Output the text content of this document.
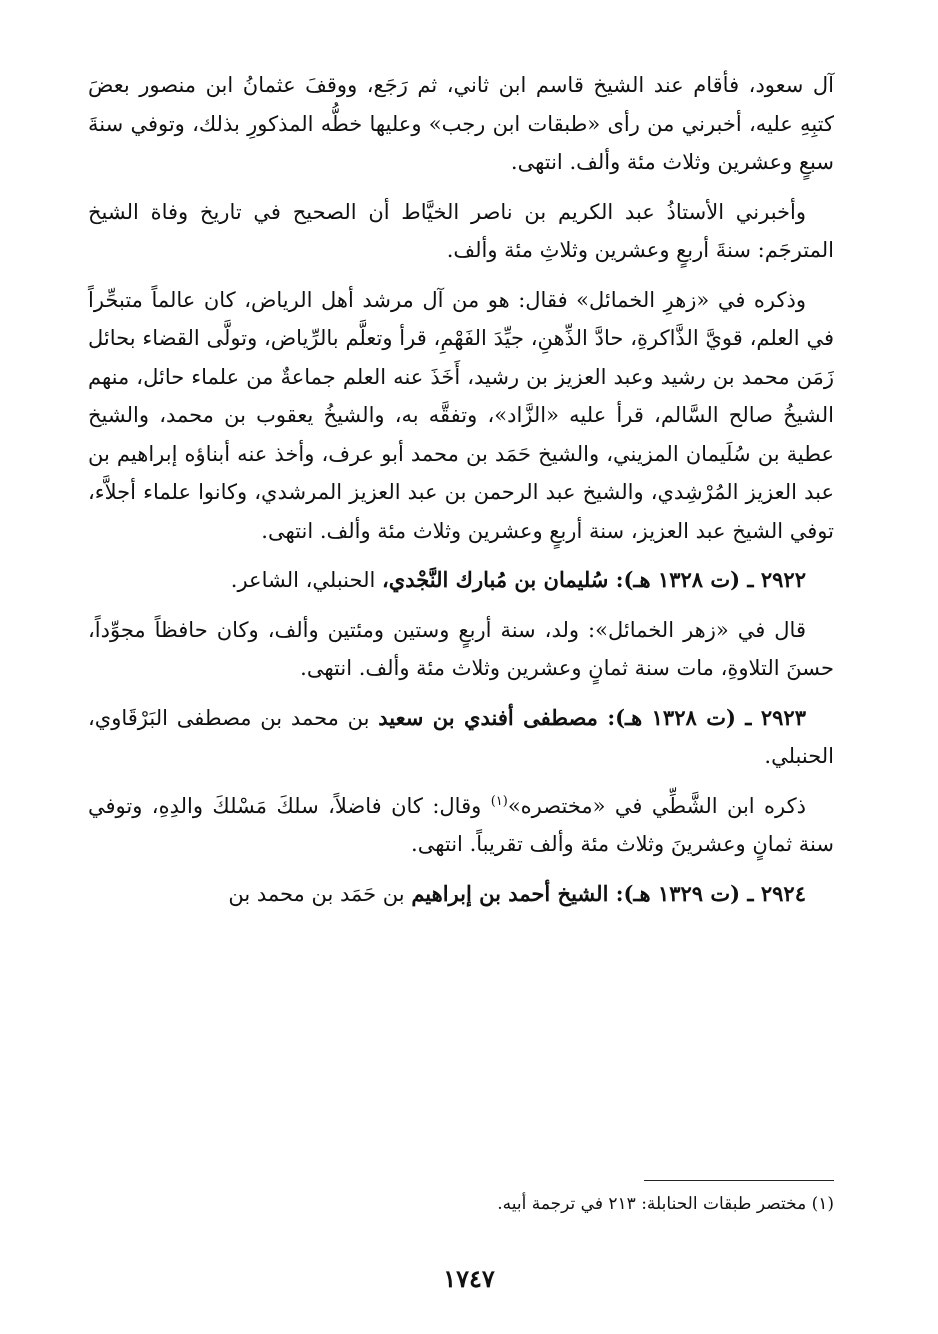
آل سعود، فأقام عند الشيخ قاسم ابن ثاني، ثم رَجَع، ووقفَ عثمانُ ابن منصور بعضَ كتبِهِ عليه، أخبرني من رأى «طبقات ابن رجب» وعليها خطُّه المذكورِ بذلك، وتوفي سنةَ سبعٍ وعشرين وثلاث مئة وألف. انتهى.

وأخبرني الأستاذُ عبد الكريم بن ناصر الخيَّاط أن الصحيح في تاريخ وفاة الشيخ المترجَم: سنةَ أربعٍ وعشرين وثلاثِ مئة وألف.

وذكره في «زهرِ الخمائل» فقال: هو من آل مرشد أهل الرياض، كان عالماً متبحِّراً في العلم، قويَّ الذَّاكرةِ، حادَّ الذِّهنِ، جيِّدَ الفَهْمِ، قرأ وتعلَّم بالرِّياض، وتولَّى القضاء بحائل زَمَن محمد بن رشيد وعبد العزيز بن رشيد، أَخَذَ عنه العلم جماعةٌ من علماء حائل، منهم الشيخُ صالح السَّالم، قرأ عليه «الزَّاد»، وتفقَّه به، والشيخُ يعقوب بن محمد، والشيخ عطية بن سُلَيمان المزيني، والشيخ حَمَد بن محمد أبو عرف، وأخذ عنه أبناؤه إبراهيم بن عبد العزيز المُرْشِدي، والشيخ عبد الرحمن بن عبد العزيز المرشدي، وكانوا علماء أجلاَّء، توفي الشيخ عبد العزيز، سنة أربعٍ وعشرين وثلاث مئة وألف. انتهى.

٢٩٢٢ ـ (ت ١٣٢٨ هـ): سُليمان بن مُبارك النَّجْدي، الحنبلي، الشاعر.

قال في «زهر الخمائل»: ولد، سنة أربعٍ وستين ومئتين وألف، وكان حافظاً مجوِّداً، حسنَ التلاوةِ، مات سنة ثمانٍ وعشرين وثلاث مئة وألف. انتهى.

٢٩٢٣ ـ (ت ١٣٢٨ هـ): مصطفى أفندي بن سعيد بن محمد بن مصطفى البَرْقَاوي، الحنبلي.

ذكره ابن الشَّطِّي في «مختصره»$^{(١)}$ وقال: كان فاضلاً، سلكَ مَسْلكَ والدِهِ، وتوفي سنة ثمانٍ وعشرينَ وثلاث مئة وألف تقريباً. انتهى.

٢٩٢٤ ـ (ت ١٣٢٩ هـ): الشيخ أحمد بن إبراهيم بن حَمَد بن محمد بن

(١) مختصر طبقات الحنابلة: ٢١٣ في ترجمة أبيه.
١٧٤٧
